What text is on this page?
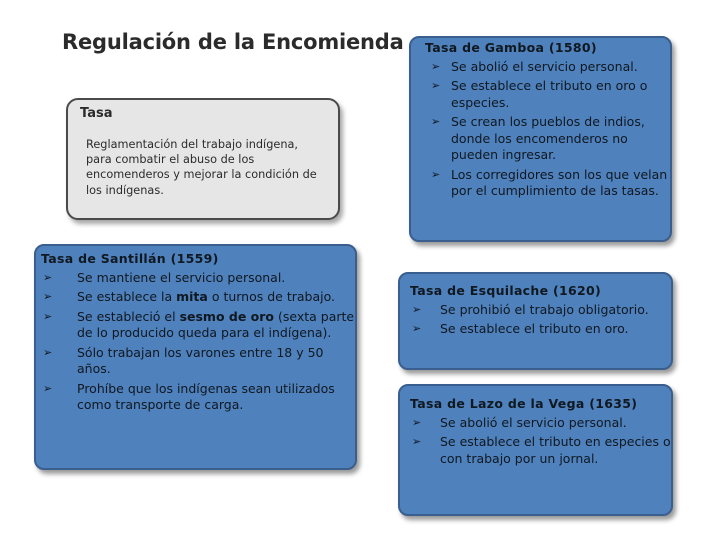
Regulación de la Encomienda
Tasa
Reglamentación del trabajo indígena, para combatir el abuso de los encomenderos y mejorar la condición de los indígenas.
Tasa de Gamboa (1580)
➢ Se abolió el servicio personal.
➢ Se establece el tributo en oro o especies.
➢ Se crean los pueblos de indios, donde los encomenderos no pueden ingresar.
➢ Los corregidores son los que velan por el cumplimiento de las tasas.
Tasa de Santillán (1559)
➢ Se mantiene el servicio personal.
➢ Se establece la mita o turnos de trabajo.
➢ Se estableció el sesmo de oro (sexta parte de lo producido queda para el indígena).
➢ Sólo trabajan los varones entre 18 y 50 años.
➢ Prohíbe que los indígenas sean utilizados como transporte de carga.
Tasa de Esquilache (1620)
➢ Se prohibió el trabajo obligatorio.
➢ Se establece el tributo en oro.
Tasa de Lazo de la Vega (1635)
➢ Se abolió el servicio personal.
➢ Se establece el tributo en especies o con trabajo por un jornal.
